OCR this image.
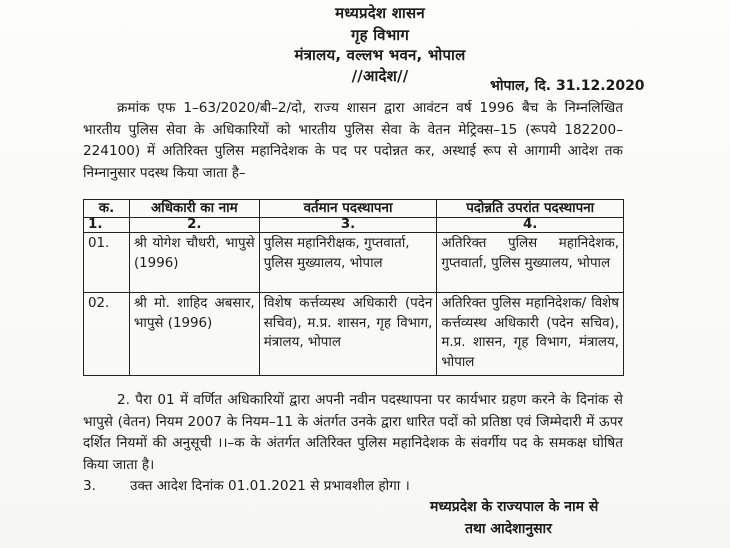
मध्यप्रदेश शासन
गृह विभाग
मंत्रालय, वल्लभ भवन, भोपाल
//आदेश//
भोपाल, दि. 31.12.2020
क्रमांक एफ 1–63/2020/बी–2/दो, राज्य शासन द्वारा आवंटन वर्ष 1996 बैच के निम्नलिखित भारतीय पुलिस सेवा के अधिकारियों को भारतीय पुलिस सेवा के वेतन मेट्रिक्स–15 (रूपये 182200–224100) में अतिरिक्त पुलिस महानिदेशक के पद पर पदोन्नत कर, अस्थाई रूप से आगामी आदेश तक निम्नानुसार पदस्थ किया जाता है–
क.	अधिकारी का नाम	वर्तमान पदस्थापना	पदोन्नति उपरांत पदस्थापना
1.	2.	3.	4.
01.	श्री योगेश चौधरी, भापुसे (1996)	पुलिस महानिरीक्षक, गुप्तवार्ता, पुलिस मुख्यालय, भोपाल	अतिरिक्त पुलिस महानिदेशक, गुप्तवार्ता, पुलिस मुख्यालय, भोपाल
02.	श्री मो. शाहिद अबसार, भापुसे (1996)	विशेष कर्त्तव्यस्थ अधिकारी (पदेन सचिव), म.प्र. शासन, गृह विभाग, मंत्रालय, भोपाल	अतिरिक्त पुलिस महानिदेशक/ विशेष कर्त्तव्यस्थ अधिकारी (पदेन सचिव), म.प्र. शासन, गृह विभाग, मंत्रालय, भोपाल
2. पैरा 01 में वर्णित अधिकारियों द्वारा अपनी नवीन पदस्थापना पर कार्यभार ग्रहण करने के दिनांक से भापुसे (वेतन) नियम 2007 के नियम–11 के अंतर्गत उनके द्वारा धारित पदों को प्रतिष्ठा एवं जिम्मेदारी में ऊपर दर्शित नियमों की अनुसूची ।।–क के अंतर्गत अतिरिक्त पुलिस महानिदेशक के संवर्गीय पद के समकक्ष घोषित किया जाता है।
3.	उक्त आदेश दिनांक 01.01.2021 से प्रभावशील होगा ।
मध्यप्रदेश के राज्यपाल के नाम से
तथा आदेशानुसार
